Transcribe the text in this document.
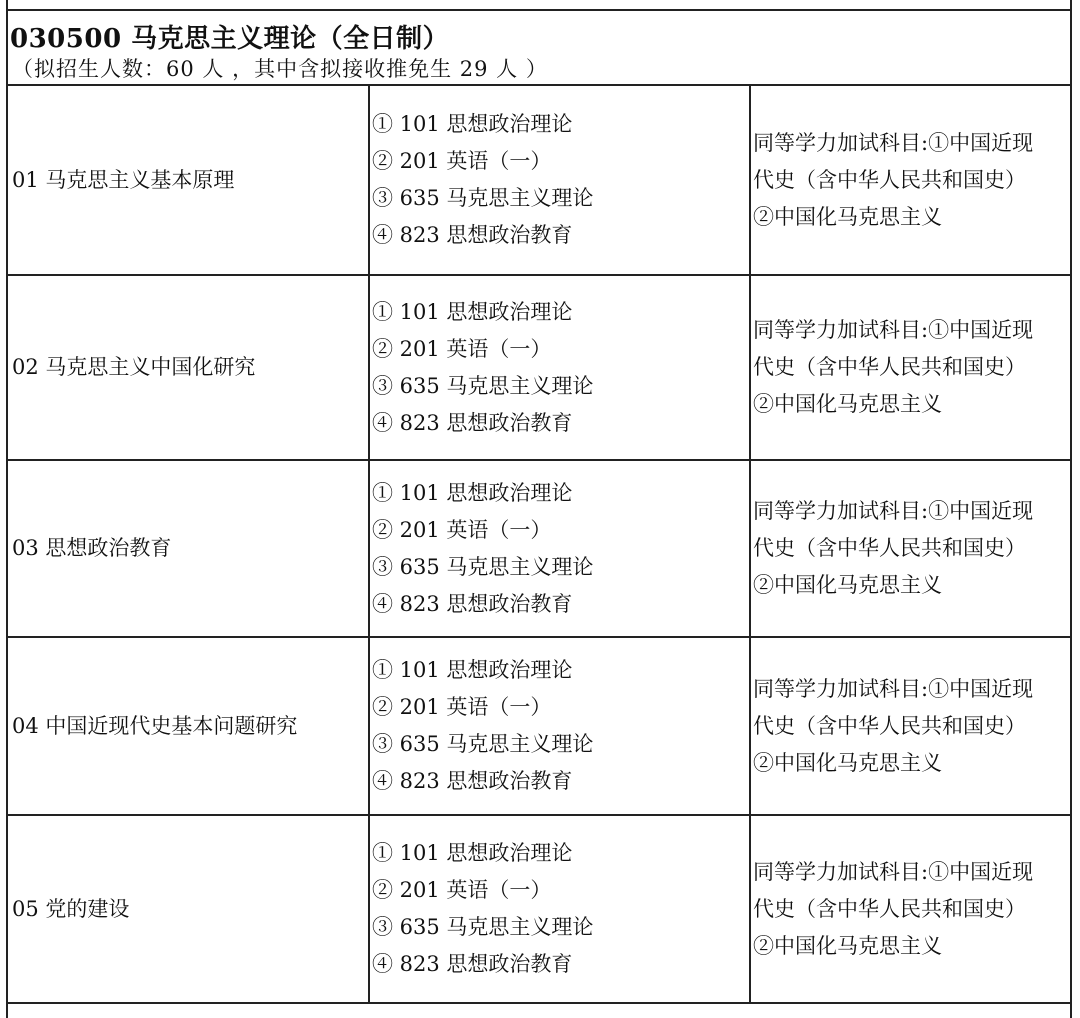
030500 马克思主义理论（全日制）
（拟招生人数：60 人 ，其中含拟接收推免生 29 人 ）
01 马克思主义基本原理	① 101 思想政治理论
② 201 英语（一）
③ 635 马克思主义理论
④ 823 思想政治教育	同等学力加试科目:①中国近现
代史（含中华人民共和国史）
②中国化马克思主义

02 马克思主义中国化研究	① 101 思想政治理论
② 201 英语（一）
③ 635 马克思主义理论
④ 823 思想政治教育	同等学力加试科目:①中国近现
代史（含中华人民共和国史）
②中国化马克思主义

03 思想政治教育	① 101 思想政治理论
② 201 英语（一）
③ 635 马克思主义理论
④ 823 思想政治教育	同等学力加试科目:①中国近现
代史（含中华人民共和国史）
②中国化马克思主义

04 中国近现代史基本问题研究	① 101 思想政治理论
② 201 英语（一）
③ 635 马克思主义理论
④ 823 思想政治教育	同等学力加试科目:①中国近现
代史（含中华人民共和国史）
②中国化马克思主义

05 党的建设	① 101 思想政治理论
② 201 英语（一）
③ 635 马克思主义理论
④ 823 思想政治教育	同等学力加试科目:①中国近现
代史（含中华人民共和国史）
②中国化马克思主义
